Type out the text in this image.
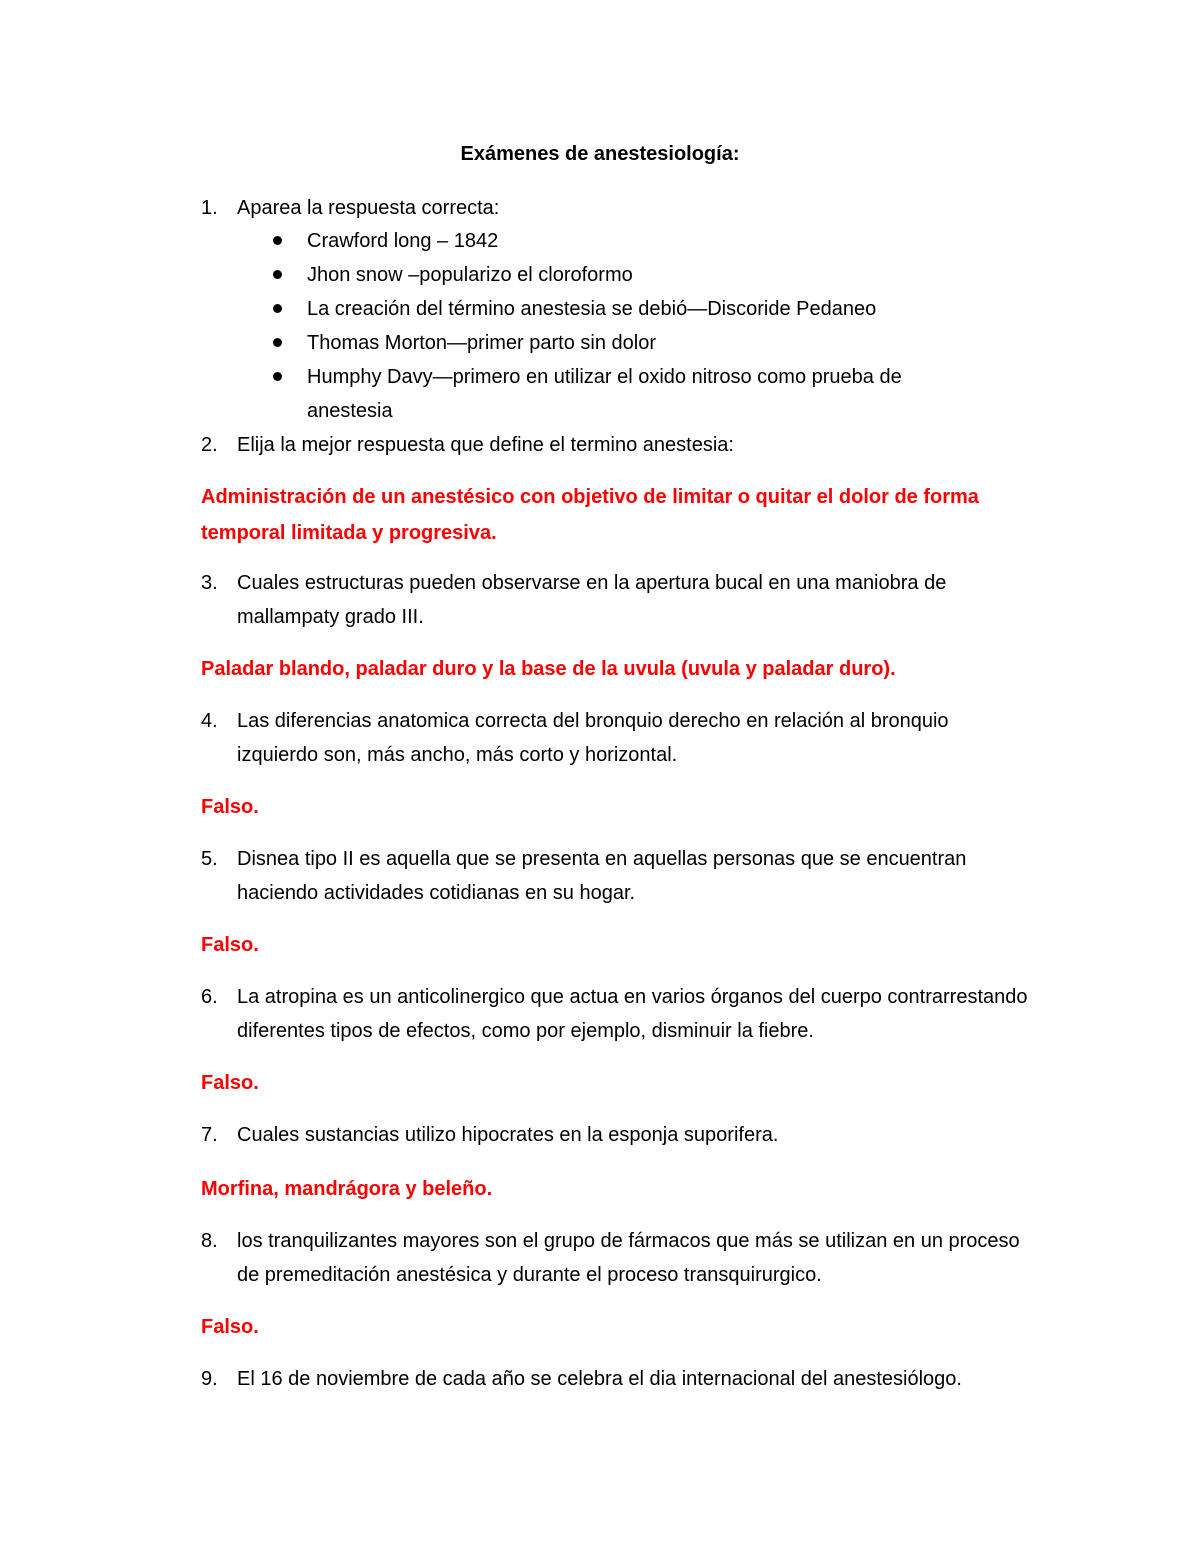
Exámenes de anestesiología:
1. Aparea la respuesta correcta:
Crawford long – 1842
Jhon snow –popularizo el cloroformo
La creación del término anestesia se debió—Discoride Pedaneo
Thomas Morton—primer parto sin dolor
Humphy Davy—primero en utilizar el oxido nitroso como prueba de anestesia
2. Elija la mejor respuesta que define el termino anestesia:
Administración de un anestésico con objetivo de limitar o quitar el dolor de forma temporal limitada y progresiva.
3. Cuales estructuras pueden observarse en la apertura bucal en una maniobra de mallampaty grado III.
Paladar blando, paladar duro y la base de la uvula (uvula y paladar duro).
4. Las diferencias anatomica correcta del bronquio derecho en relación al bronquio izquierdo son, más ancho, más corto y horizontal.
Falso.
5. Disnea tipo II es aquella que se presenta en aquellas personas que se encuentran haciendo actividades cotidianas en su hogar.
Falso.
6. La atropina es un anticolinergico que actua en varios órganos del cuerpo contrarrestando diferentes tipos de efectos, como por ejemplo, disminuir la fiebre.
Falso.
7. Cuales sustancias utilizo hipocrates en la esponja suporifera.
Morfina, mandrágora y beleño.
8. los tranquilizantes mayores son el grupo de fármacos que más se utilizan en un proceso de premeditación anestésica y durante el proceso transquirurgico.
Falso.
9. El 16 de noviembre de cada año se celebra el dia internacional del anestesiólogo.
